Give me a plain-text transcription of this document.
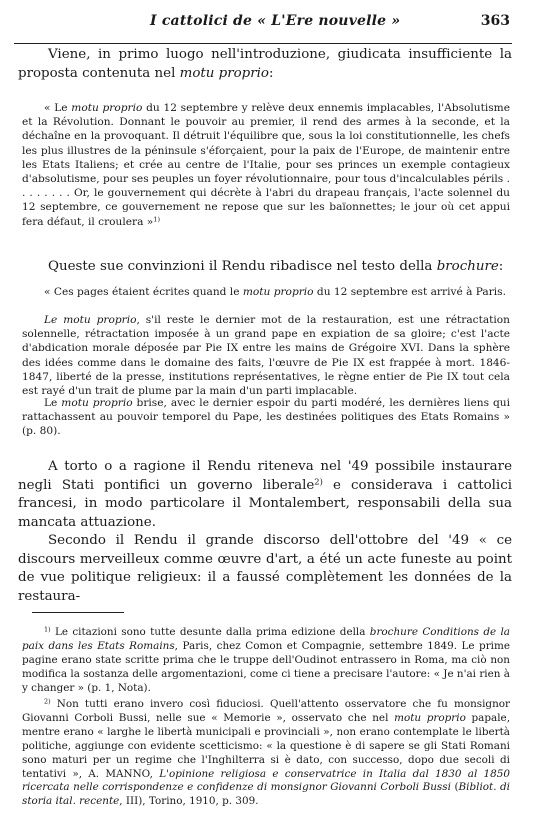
I cattolici de « L'Ere nouvelle »	363

Viene, in primo luogo nell'introduzione, giudicata insufficiente la proposta contenuta nel motu proprio:

« Le motu proprio du 12 septembre y relève deux ennemis implacables, l'Absolutisme et la Révolution. Donnant le pouvoir au premier, il rend des armes à la seconde, et la déchaîne en la provoquant. Il détruit l'équilibre que, sous la loi constitutionnelle, les chefs les plus illustres de la péninsule s'éforçaient, pour la paix de l'Europe, de maintenir entre les Etats Italiens; et crée au centre de l'Italie, pour ses princes un exemple contagieux d'absolutisme, pour ses peuples un foyer révolutionnaire, pour tous d'incalculables périls . . . . . . . . Or, le gouvernement qui décrète à l'abri du drapeau français, l'acte solennel du 12 septembre, ce gouvernement ne repose que sur les baïonnettes; le jour où cet appui fera défaut, il croulera »$^{1)}$

Queste sue convinzioni il Rendu ribadisce nel testo della brochure:

« Ces pages étaient écrites quand le motu proprio du 12 septembre est arrivé à Paris.

Le motu proprio, s'il reste le dernier mot de la restauration, est une rétractation solennelle, rétractation imposée à un grand pape en expiation de sa gloire; c'est l'acte d'abdication morale déposée par Pie IX entre les mains de Grégoire XVI. Dans la sphère des idées comme dans le domaine des faits, l'œuvre de Pie IX est frappée à mort. 1846-1847, liberté de la presse, institutions représentatives, le règne entier de Pie IX tout cela est rayé d'un trait de plume par la main d'un parti implacable.

Le motu proprio brise, avec le dernier espoir du parti modéré, les dernières liens qui rattachassent au pouvoir temporel du Pape, les destinées politiques des Etats Romains » (p. 80).

A torto o a ragione il Rendu riteneva nel '49 possibile instaurare negli Stati pontifici un governo liberale$^{2)}$ e considerava i cattolici francesi, in modo particolare il Montalembert, responsabili della sua mancata attuazione.

Secondo il Rendu il grande discorso dell'ottobre del '49 « ce discours merveilleux comme œuvre d'art, a été un acte funeste au point de vue politique religieux: il a faussé complètement les données de la restaura-

$^{1)}$ Le citazioni sono tutte desunte dalla prima edizione della brochure Conditions de la paix dans les Etats Romains, Paris, chez Comon et Compagnie, settembre 1849. Le prime pagine erano state scritte prima che le truppe dell'Oudinot entrassero in Roma, ma ciò non modifica la sostanza delle argomentazioni, come ci tiene a precisare l'autore: « Je n'ai rien à y changer » (p. 1, Nota).

$^{2)}$ Non tutti erano invero così fiduciosi. Quell'attento osservatore che fu monsignor Giovanni Corboli Bussi, nelle sue « Memorie », osservato che nel motu proprio papale, mentre erano « larghe le libertà municipali e provinciali », non erano contemplate le libertà politiche, aggiunge con evidente scetticismo: « la questione è di sapere se gli Stati Romani sono maturi per un regime che l'Inghilterra si è dato, con successo, dopo due secoli di tentativi », A. MANNO, L'opinione religiosa e conservatrice in Italia dal 1830 al 1850 ricercata nelle corrispondenze e confidenze di monsignor Giovanni Corboli Bussi (Bibliot. di storia ital. recente, III), Torino, 1910, p. 309.
